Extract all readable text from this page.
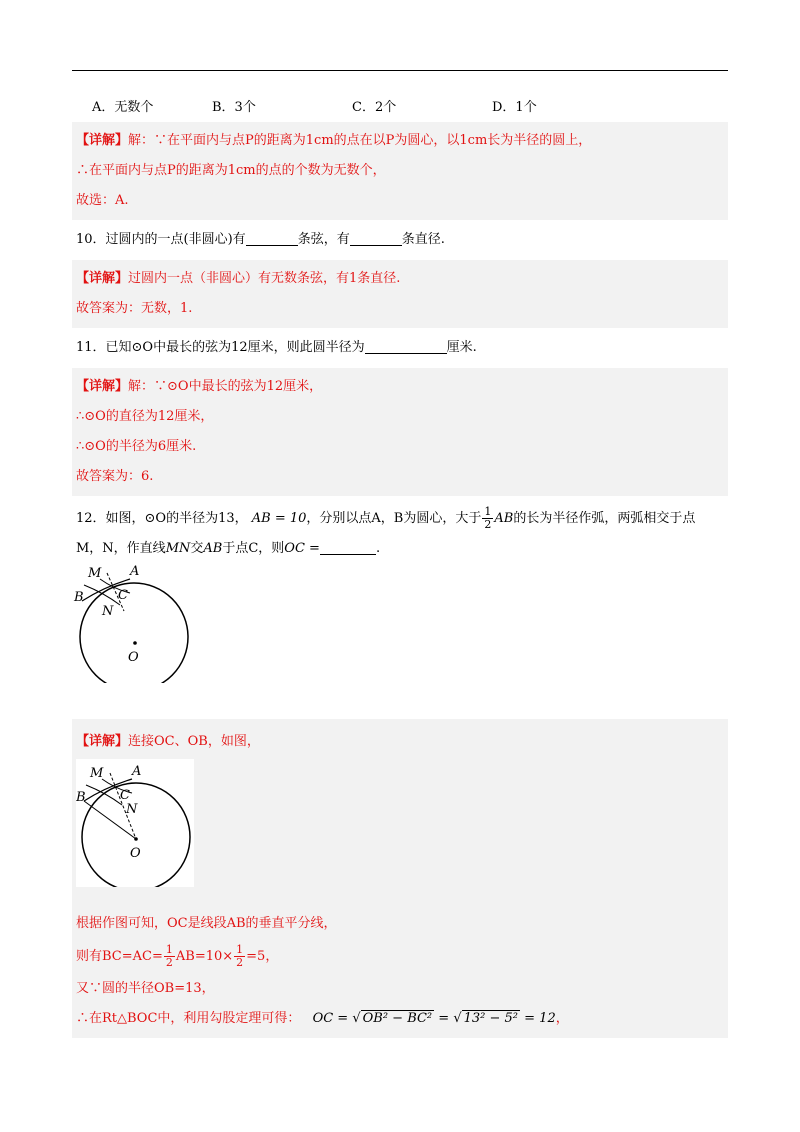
A．无数个	B．3个	C．2个	D．1个

【详解】解：∵在平面内与点P的距离为1cm的点在以P为圆心，以1cm长为半径的圆上，

∴在平面内与点P的距离为1cm的点的个数为无数个，

故选：A.

10．过圆内的一点(非圆心)有	条弦，有	条直径.

【详解】过圆内一点（非圆心）有无数条弦，有1条直径.

故答案为：无数，1.

11．已知⊙O中最长的弦为12厘米，则此圆半径为	厘米.

【详解】解：∵⊙O中最长的弦为12厘米，

∴⊙O的直径为12厘米，

∴⊙O的半径为6厘米.

故答案为：6.

12．如图，⊙O的半径为13， AB = 10，分别以点A，B为圆心，大于 $\frac{1}{2}$ AB的长为半径作弧，两弧相交于点

M，N，作直线MN交AB于点C，则OC =	.

M A
B	C
N
O

【详解】连接OC、OB，如图，

M A
B	C
N
O

根据作图可知，OC是线段AB的垂直平分线，

则有$BC=AC= \frac{1}{2} AB=10\times \frac{1}{2} =5$，

又∵圆的半径OB=13，

∴在Rt△BOC中，利用勾股定理可得： OC = √ OB² − BC² = √ 13² − 5² = 12，
